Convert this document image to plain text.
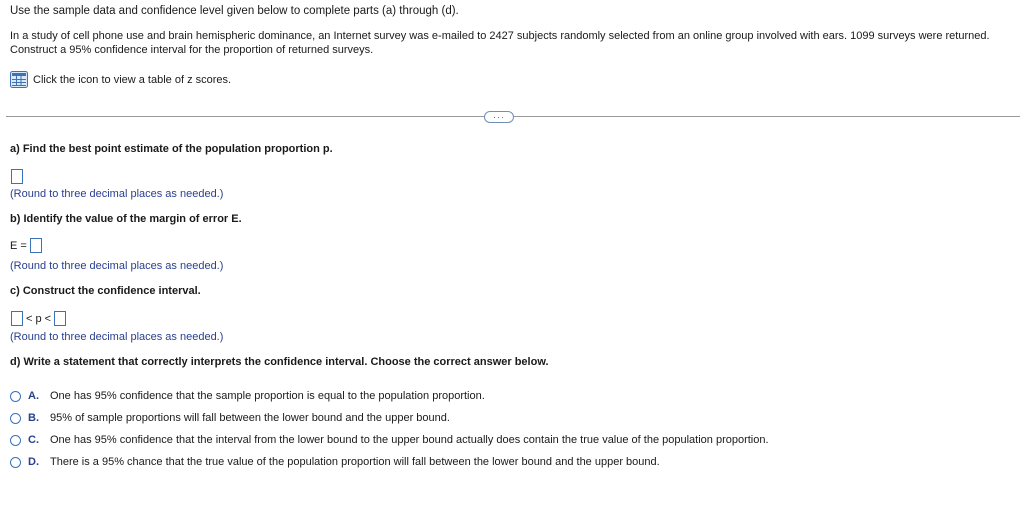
Use the sample data and confidence level given below to complete parts (a) through (d).
In a study of cell phone use and brain hemispheric dominance, an Internet survey was e-mailed to 2427 subjects randomly selected from an online group involved with ears. 1099 surveys were returned. Construct a 95% confidence interval for the proportion of returned surveys.
Click the icon to view a table of z scores.
···
a) Find the best point estimate of the population proportion p.
(Round to three decimal places as needed.)
b) Identify the value of the margin of error E.
E =
(Round to three decimal places as needed.)
c) Construct the confidence interval.
< p <
(Round to three decimal places as needed.)
d) Write a statement that correctly interprets the confidence interval. Choose the correct answer below.
A.	One has 95% confidence that the sample proportion is equal to the population proportion.
B.	95% of sample proportions will fall between the lower bound and the upper bound.
C.	One has 95% confidence that the interval from the lower bound to the upper bound actually does contain the true value of the population proportion.
D.	There is a 95% chance that the true value of the population proportion will fall between the lower bound and the upper bound.
